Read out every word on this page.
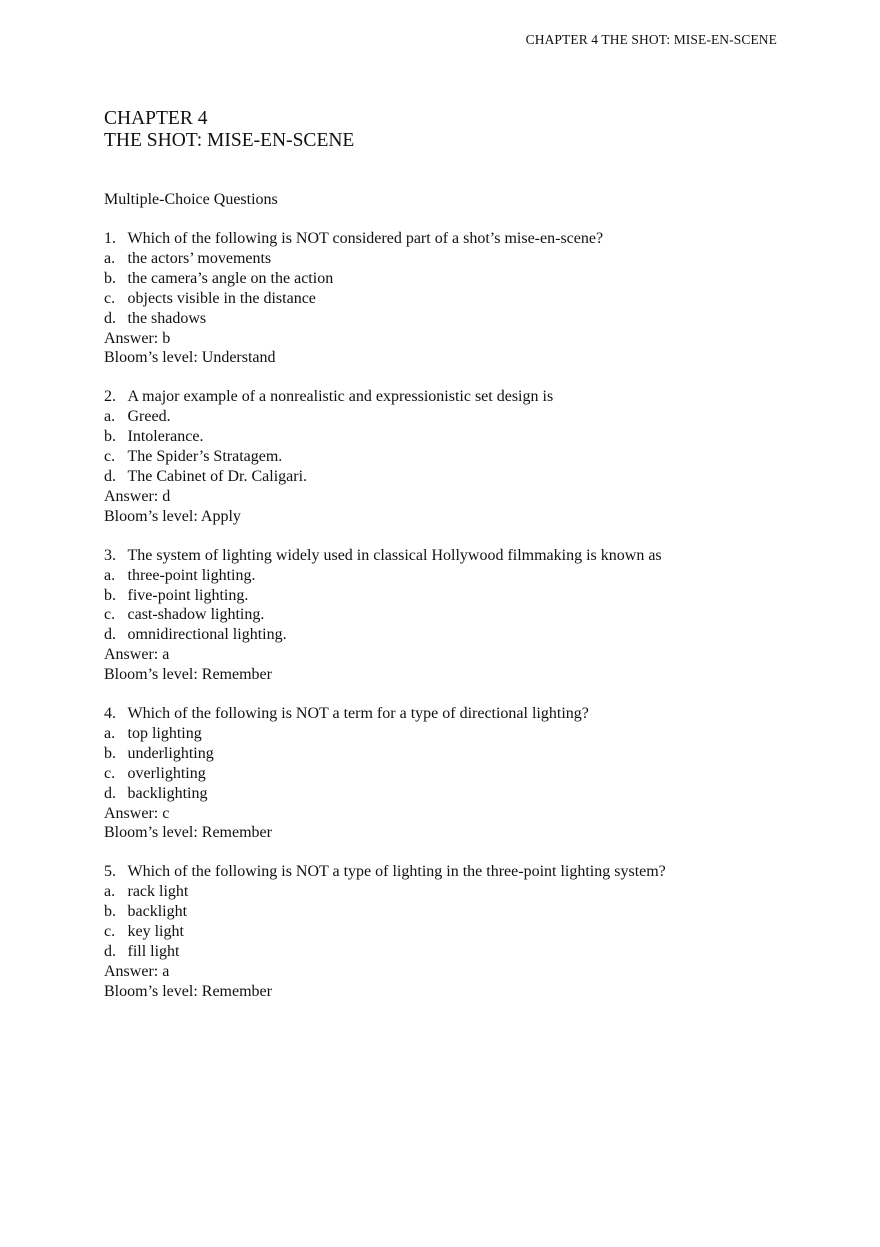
CHAPTER 4 THE SHOT: MISE-EN-SCENE
CHAPTER 4
THE SHOT: MISE-EN-SCENE
Multiple-Choice Questions
1. Which of the following is NOT considered part of a shot’s mise-en-scene?
a. the actors’ movements
b. the camera’s angle on the action
c. objects visible in the distance
d. the shadows
Answer: b
Bloom’s level: Understand
2. A major example of a nonrealistic and expressionistic set design is
a. Greed.
b. Intolerance.
c. The Spider’s Stratagem.
d. The Cabinet of Dr. Caligari.
Answer: d
Bloom’s level: Apply
3. The system of lighting widely used in classical Hollywood filmmaking is known as
a. three-point lighting.
b. five-point lighting.
c. cast-shadow lighting.
d. omnidirectional lighting.
Answer: a
Bloom’s level: Remember
4. Which of the following is NOT a term for a type of directional lighting?
a. top lighting
b. underlighting
c. overlighting
d. backlighting
Answer: c
Bloom’s level: Remember
5. Which of the following is NOT a type of lighting in the three-point lighting system?
a. rack light
b. backlight
c. key light
d. fill light
Answer: a
Bloom’s level: Remember
